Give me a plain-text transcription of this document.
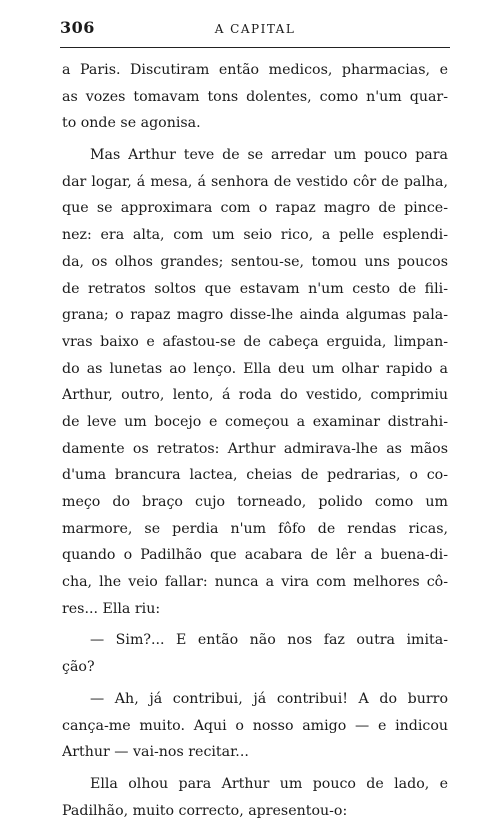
306	A CAPITAL
a Paris. Discutiram então medicos, pharmacias, e
as vozes tomavam tons dolentes, como n'um quar-
to onde se agonisa.
Mas Arthur teve de se arredar um pouco para
dar logar, á mesa, á senhora de vestido côr de palha,
que se approximara com o rapaz magro de pince-
nez: era alta, com um seio rico, a pelle esplendi-
da, os olhos grandes; sentou-se, tomou uns poucos
de retratos soltos que estavam n'um cesto de fili-
grana; o rapaz magro disse-lhe ainda algumas pala-
vras baixo e afastou-se de cabeça erguida, limpan-
do as lunetas ao lenço. Ella deu um olhar rapido a
Arthur, outro, lento, á roda do vestido, comprimiu
de leve um bocejo e começou a examinar distrahi-
damente os retratos: Arthur admirava-lhe as mãos
d'uma brancura lactea, cheias de pedrarias, o co-
meço do braço cujo torneado, polido como um
marmore, se perdia n'um fôfo de rendas ricas,
quando o Padilhão que acabara de lêr a buena-di-
cha, lhe veio fallar: nunca a vira com melhores cô-
res... Ella riu:
— Sim?... E então não nos faz outra imita-
ção?
— Ah, já contribui, já contribui! A do burro
cança-me muito. Aqui o nosso amigo — e indicou
Arthur — vai-nos recitar...
Ella olhou para Arthur um pouco de lado, e
Padilhão, muito correcto, apresentou-o:
